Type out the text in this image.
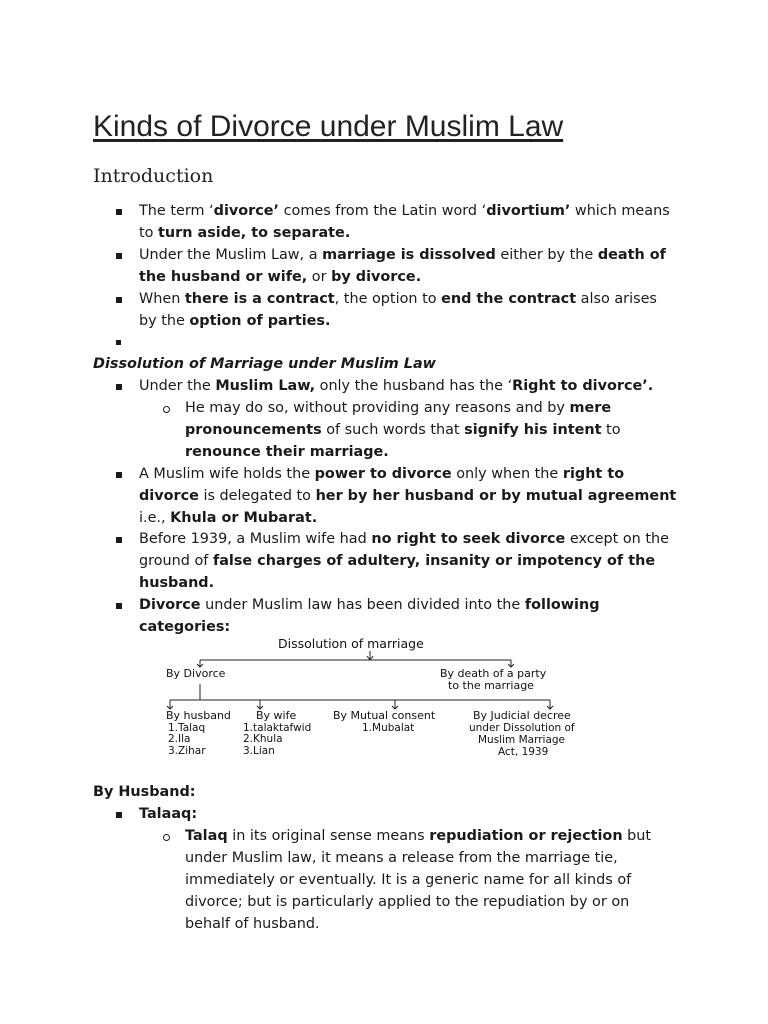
Kinds of Divorce under Muslim Law
Introduction

The term ‘divorce’ comes from the Latin word ‘divortium’ which means to turn aside, to separate.

Under the Muslim Law, a marriage is dissolved either by the death of the husband or wife, or by divorce.

When there is a contract, the option to end the contract also arises by the option of parties.

Dissolution of Marriage under Muslim Law

Under the Muslim Law, only the husband has the ‘Right to divorce’.

He may do so, without providing any reasons and by mere pronouncements of such words that signify his intent to renounce their marriage.

A Muslim wife holds the power to divorce only when the right to divorce is delegated to her by her husband or by mutual agreement i.e., Khula or Mubarat.

Before 1939, a Muslim wife had no right to seek divorce except on the ground of false charges of adultery, insanity or impotency of the husband.

Divorce under Muslim law has been divided into the following categories:

Dissolution of marriage
By Divorce	By death of a party
to the marriage
By husband
1.Talaq
2.Ila
3.Zihar
By wife
1.talaktafwid
2.Khula
3.Lian
By Mutual consent
1.Mubalat
By Judicial decree
under Dissolution of
Muslim Marriage
Act, 1939

By Husband:

Talaaq:

Talaq in its original sense means repudiation or rejection but under Muslim law, it means a release from the marriage tie, immediately or eventually. It is a generic name for all kinds of divorce; but is particularly applied to the repudiation by or on behalf of husband.
